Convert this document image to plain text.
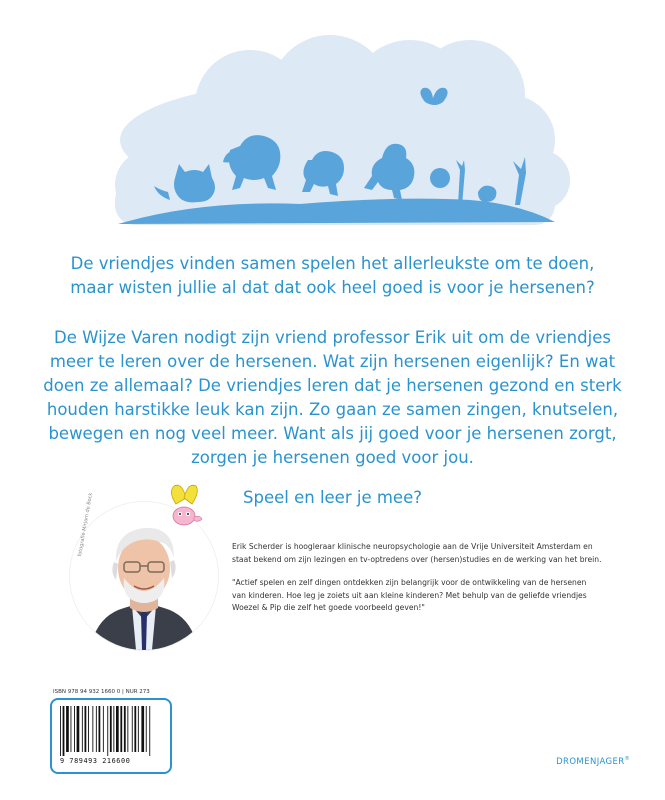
De vriendjes vinden samen spelen het allerleukste om te doen,
maar wisten jullie al dat dat ook heel goed is voor je hersenen?
De Wijze Varen nodigt zijn vriend professor Erik uit om de vriendjes
meer te leren over de hersenen. Wat zijn hersenen eigenlijk? En wat
doen ze allemaal? De vriendjes leren dat je hersenen gezond en sterk
houden harstikke leuk kan zijn. Zo gaan ze samen zingen, knutselen,
bewegen en nog veel meer. Want als jij goed voor je hersenen zorgt,
zorgen je hersenen goed voor jou.
Speel en leer je mee?
fotografie Mirjam de Bock	Erik Scherder is hoogleraar klinische neuropsychologie aan de Vrije Universiteit Amsterdam en
staat bekend om zijn lezingen en tv-optredens over (hersen)studies en de werking van het brein.

"Actief spelen en zelf dingen ontdekken zijn belangrijk voor de ontwikkeling van de hersenen
van kinderen. Hoe leg je zoiets uit aan kleine kinderen? Met behulp van de geliefde vriendjes
Woezel & Pip die zelf het goede voorbeeld geven!"

ISBN 978 94 932 1660 0 | NUR 273
9 789493 216600	DROMENJAGER®
